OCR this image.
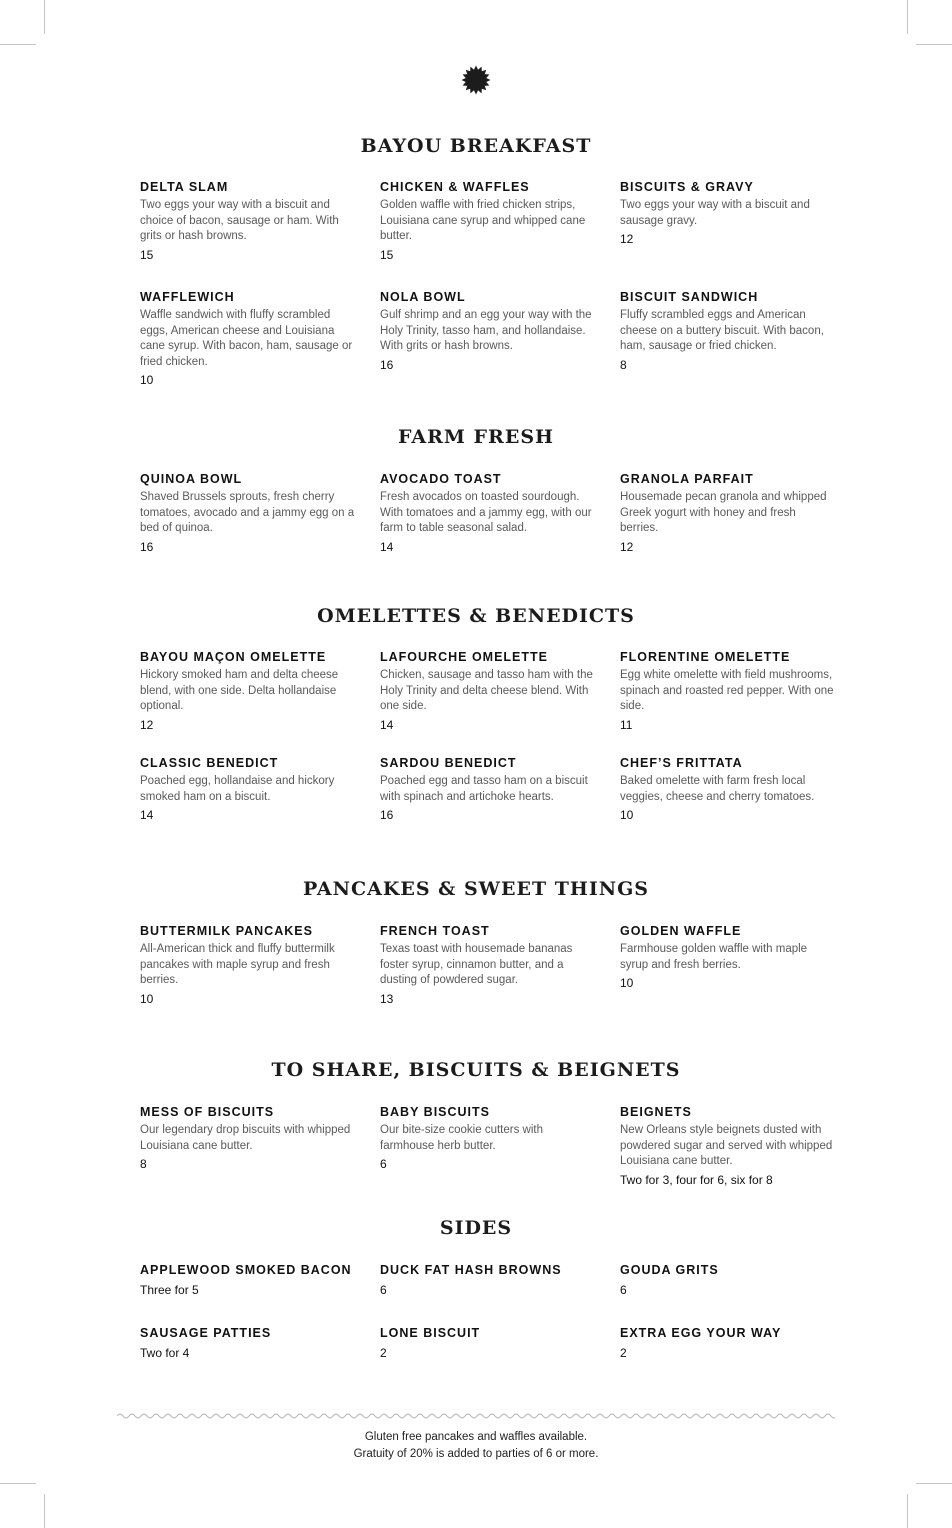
BAYOU BREAKFAST
DELTA SLAM
Two eggs your way with a biscuit and choice of bacon, sausage or ham. With grits or hash browns.
15
CHICKEN & WAFFLES
Golden waffle with fried chicken strips, Louisiana cane syrup and whipped cane butter.
15
BISCUITS & GRAVY
Two eggs your way with a biscuit and sausage gravy.
12
WAFFLEWICH
Waffle sandwich with fluffy scrambled eggs, American cheese and Louisiana cane syrup. With bacon, ham, sausage or fried chicken.
10
NOLA BOWL
Gulf shrimp and an egg your way with the Holy Trinity, tasso ham, and hollandaise. With grits or hash browns.
16
BISCUIT SANDWICH
Fluffy scrambled eggs and American cheese on a buttery biscuit. With bacon, ham, sausage or fried chicken.
8
FARM FRESH
QUINOA BOWL
Shaved Brussels sprouts, fresh cherry tomatoes, avocado and a jammy egg on a bed of quinoa.
16
AVOCADO TOAST
Fresh avocados on toasted sourdough. With tomatoes and a jammy egg, with our farm to table seasonal salad.
14
GRANOLA PARFAIT
Housemade pecan granola and whipped Greek yogurt with honey and fresh berries.
12
OMELETTES & BENEDICTS
BAYOU MAÇON OMELETTE
Hickory smoked ham and delta cheese blend, with one side. Delta hollandaise optional.
12
LAFOURCHE OMELETTE
Chicken, sausage and tasso ham with the Holy Trinity and delta cheese blend. With one side.
14
FLORENTINE OMELETTE
Egg white omelette with field mushrooms, spinach and roasted red pepper. With one side.
11
CLASSIC BENEDICT
Poached egg, hollandaise and hickory smoked ham on a biscuit.
14
SARDOU BENEDICT
Poached egg and tasso ham on a biscuit with spinach and artichoke hearts.
16
CHEF’S FRITTATA
Baked omelette with farm fresh local veggies, cheese and cherry tomatoes.
10
PANCAKES & SWEET THINGS
BUTTERMILK PANCAKES
All-American thick and fluffy buttermilk pancakes with maple syrup and fresh berries.
10
FRENCH TOAST
Texas toast with housemade bananas foster syrup, cinnamon butter, and a dusting of powdered sugar.
13
GOLDEN WAFFLE
Farmhouse golden waffle with maple syrup and fresh berries.
10
TO SHARE, BISCUITS & BEIGNETS
MESS OF BISCUITS
Our legendary drop biscuits with whipped Louisiana cane butter.
8
BABY BISCUITS
Our bite-size cookie cutters with farmhouse herb butter.
6
BEIGNETS
New Orleans style beignets dusted with powdered sugar and served with whipped Louisiana cane butter.
Two for 3, four for 6, six for 8
SIDES
APPLEWOOD SMOKED BACON
Three for 5
DUCK FAT HASH BROWNS
6
GOUDA GRITS
6
SAUSAGE PATTIES
Two for 4
LONE BISCUIT
2
EXTRA EGG YOUR WAY
2
Gluten free pancakes and waffles available.
Gratuity of 20% is added to parties of 6 or more.
